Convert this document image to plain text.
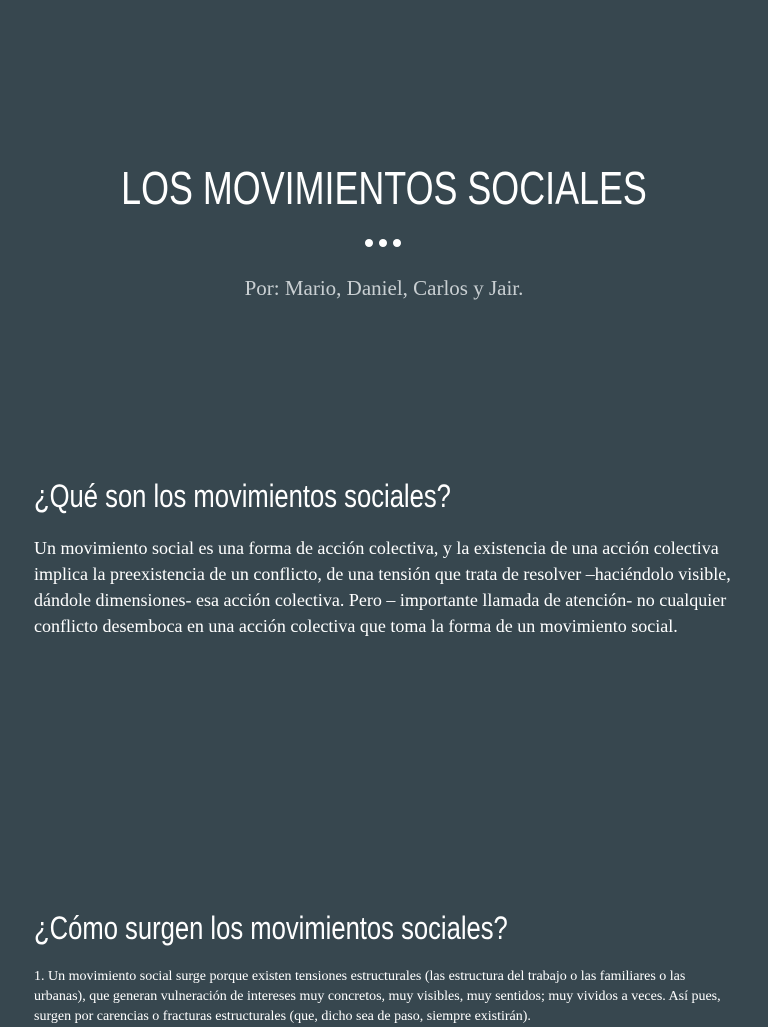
LOS MOVIMIENTOS SOCIALES
Por: Mario, Daniel, Carlos y Jair.
¿Qué son los movimientos sociales?

Un movimiento social es una forma de acción colectiva, y la existencia de una acción colectiva implica la preexistencia de un conflicto, de una tensión que trata de resolver –haciéndolo visible, dándole dimensiones- esa acción colectiva. Pero – importante llamada de atención- no cualquier conflicto desemboca en una acción colectiva que toma la forma de un movimiento social.

¿Cómo surgen los movimientos sociales?

1. Un movimiento social surge porque existen tensiones estructurales (las estructura del trabajo o las familiares o las urbanas), que generan vulneración de intereses muy concretos, muy visibles, muy sentidos; muy vividos a veces. Así pues, surgen por carencias o fracturas estructurales (que, dicho sea de paso, siempre existirán).
